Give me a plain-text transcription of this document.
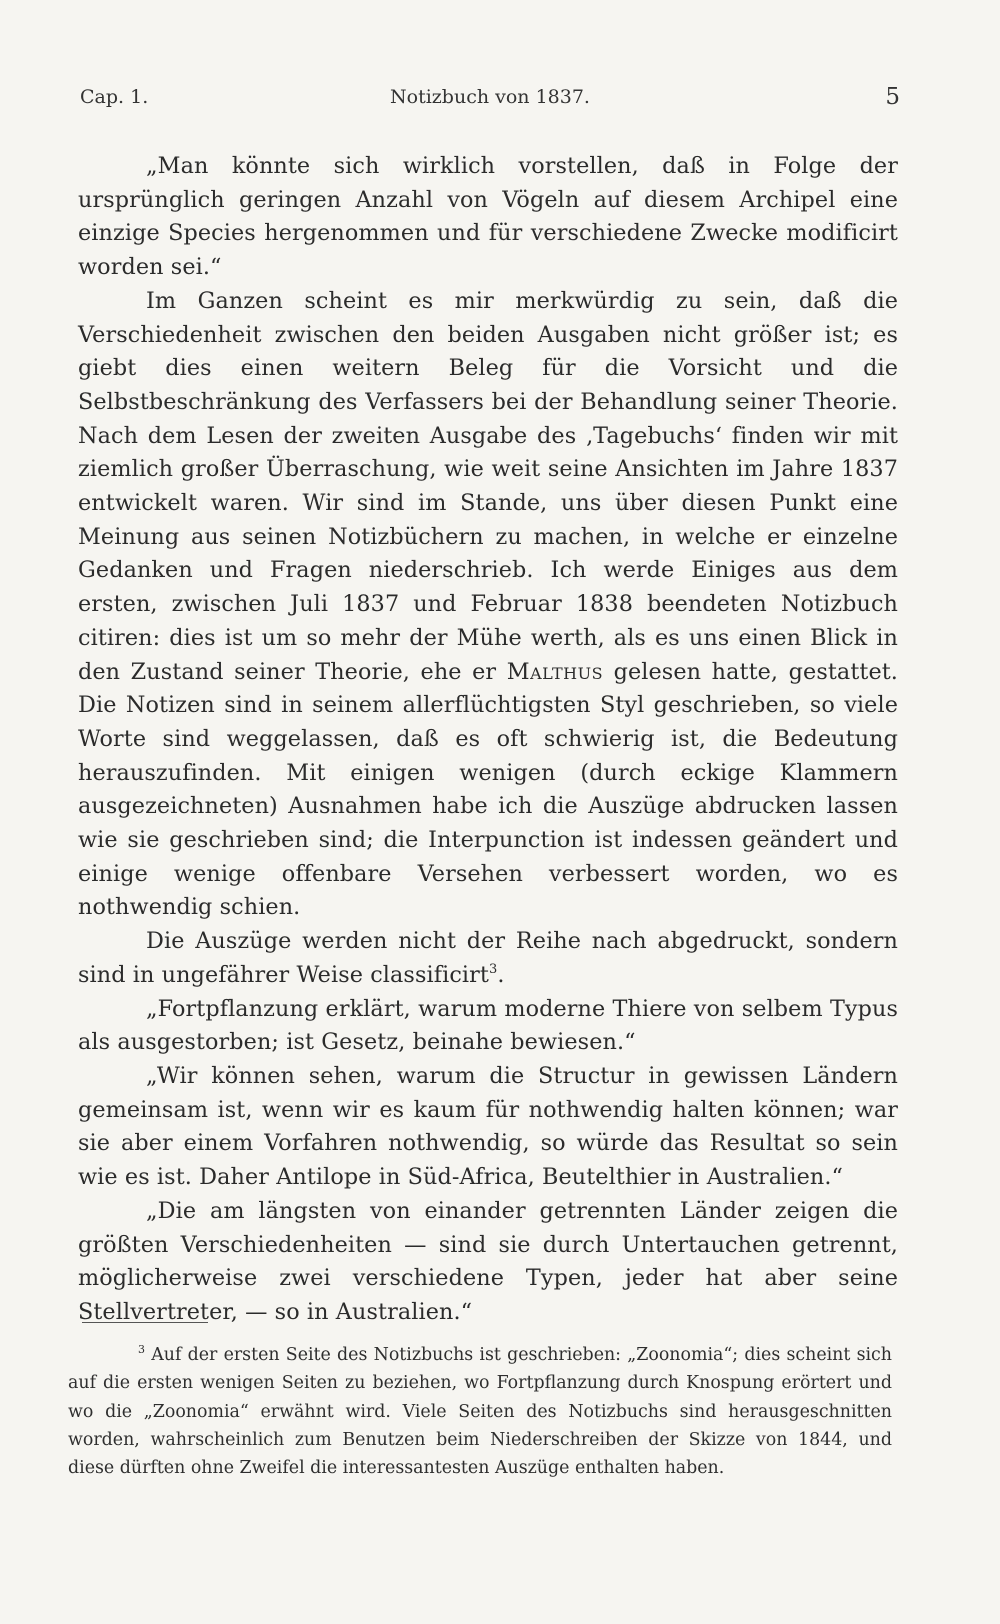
Cap. 1.	Notizbuch von 1837.	5

„Man könnte sich wirklich vorstellen, daß in Folge der ursprünglich geringen Anzahl von Vögeln auf diesem Archipel eine einzige Species hergenommen und für verschiedene Zwecke modificirt worden sei.“

Im Ganzen scheint es mir merkwürdig zu sein, daß die Verschiedenheit zwischen den beiden Ausgaben nicht größer ist; es giebt dies einen weitern Beleg für die Vorsicht und die Selbstbeschränkung des Verfassers bei der Behandlung seiner Theorie. Nach dem Lesen der zweiten Ausgabe des ‚Tagebuchs‘ finden wir mit ziemlich großer Überraschung, wie weit seine Ansichten im Jahre 1837 entwickelt waren. Wir sind im Stande, uns über diesen Punkt eine Meinung aus seinen Notizbüchern zu machen, in welche er einzelne Gedanken und Fragen niederschrieb. Ich werde Einiges aus dem ersten, zwischen Juli 1837 und Februar 1838 beendeten Notizbuch citiren: dies ist um so mehr der Mühe werth, als es uns einen Blick in den Zustand seiner Theorie, ehe er Malthus gelesen hatte, gestattet. Die Notizen sind in seinem allerflüchtigsten Styl geschrieben, so viele Worte sind weggelassen, daß es oft schwierig ist, die Bedeutung herauszufinden. Mit einigen wenigen (durch eckige Klammern ausgezeichneten) Ausnahmen habe ich die Auszüge abdrucken lassen wie sie geschrieben sind; die Interpunction ist indessen geändert und einige wenige offenbare Versehen verbessert worden, wo es nothwendig schien.

Die Auszüge werden nicht der Reihe nach abgedruckt, sondern sind in ungefährer Weise classificirt$^3$.

„Fortpflanzung erklärt, warum moderne Thiere von selbem Typus als ausgestorben; ist Gesetz, beinahe bewiesen.“

„Wir können sehen, warum die Structur in gewissen Ländern gemeinsam ist, wenn wir es kaum für nothwendig halten können; war sie aber einem Vorfahren nothwendig, so würde das Resultat so sein wie es ist. Daher Antilope in Süd-Africa, Beutelthier in Australien.“

„Die am längsten von einander getrennten Länder zeigen die größten Verschiedenheiten — sind sie durch Untertauchen getrennt, möglicherweise zwei verschiedene Typen, jeder hat aber seine Stellvertreter, — so in Australien.“

$^3$ Auf der ersten Seite des Notizbuchs ist geschrieben: „Zoonomia“; dies scheint sich auf die ersten wenigen Seiten zu beziehen, wo Fortpflanzung durch Knospung erörtert und wo die „Zoonomia“ erwähnt wird. Viele Seiten des Notizbuchs sind herausgeschnitten worden, wahrscheinlich zum Benutzen beim Niederschreiben der Skizze von 1844, und diese dürften ohne Zweifel die interessantesten Auszüge enthalten haben.
